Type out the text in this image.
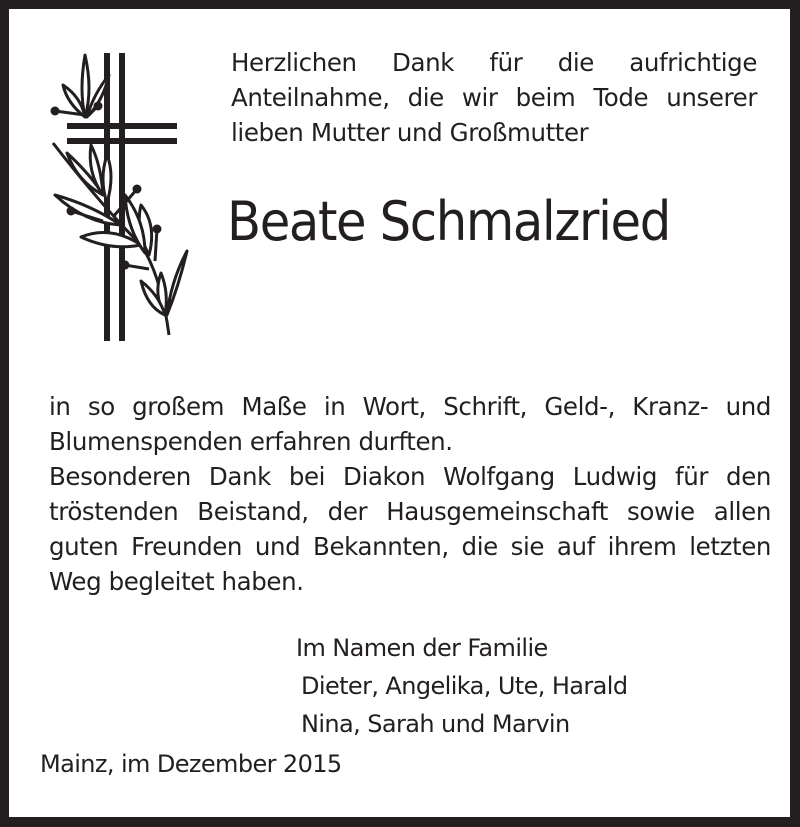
Herzlichen Dank für die aufrichtige
Anteilnahme, die wir beim Tode unserer
lieben Mutter und Großmutter
Beate Schmalzried
in so großem Maße in Wort, Schrift, Geld-, Kranz- und
Blumenspenden erfahren durften.
Besonderen Dank bei Diakon Wolfgang Ludwig für den
tröstenden Beistand, der Hausgemeinschaft sowie allen
guten Freunden und Bekannten, die sie auf ihrem letzten
Weg begleitet haben.
Im Namen der Familie
Dieter, Angelika, Ute, Harald
Nina, Sarah und Marvin
Mainz, im Dezember 2015
